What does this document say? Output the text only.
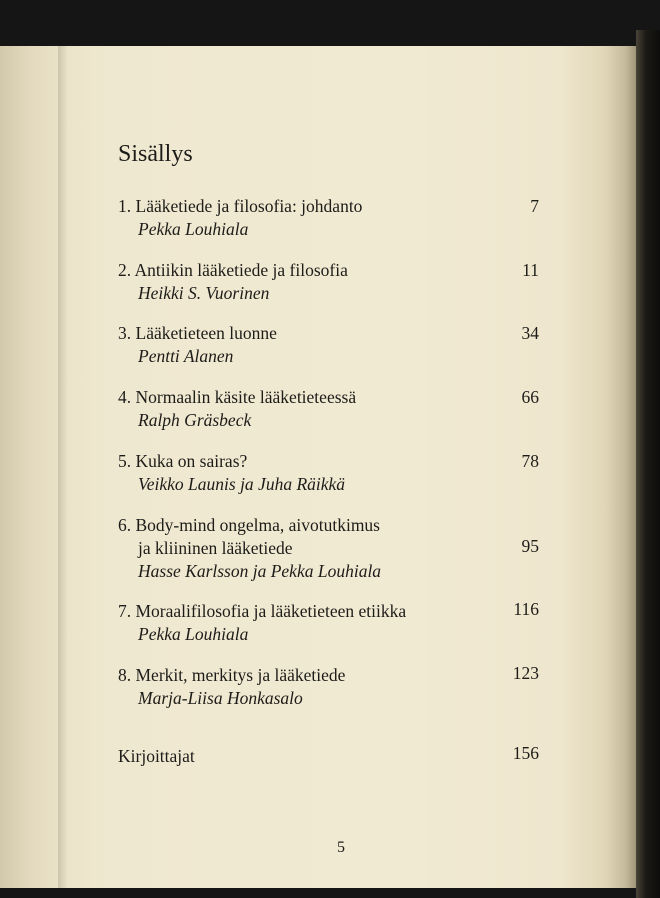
Sisällys
1. Lääketiede ja filosofia: johdanto
Pekka Louhiala
7
2. Antiikin lääketiede ja filosofia
Heikki S. Vuorinen
11
3. Lääketieteen luonne
Pentti Alanen
34
4. Normaalin käsite lääketieteessä
Ralph Gräsbeck
66
5. Kuka on sairas?
Veikko Launis ja Juha Räikkä
78
6. Body-mind ongelma, aivotutkimus
ja kliininen lääketiede
Hasse Karlsson ja Pekka Louhiala
95
7. Moraalifilosofia ja lääketieteen etiikka
Pekka Louhiala
116
8. Merkit, merkitys ja lääketiede
Marja-Liisa Honkasalo
123
Kirjoittajat	156
5
